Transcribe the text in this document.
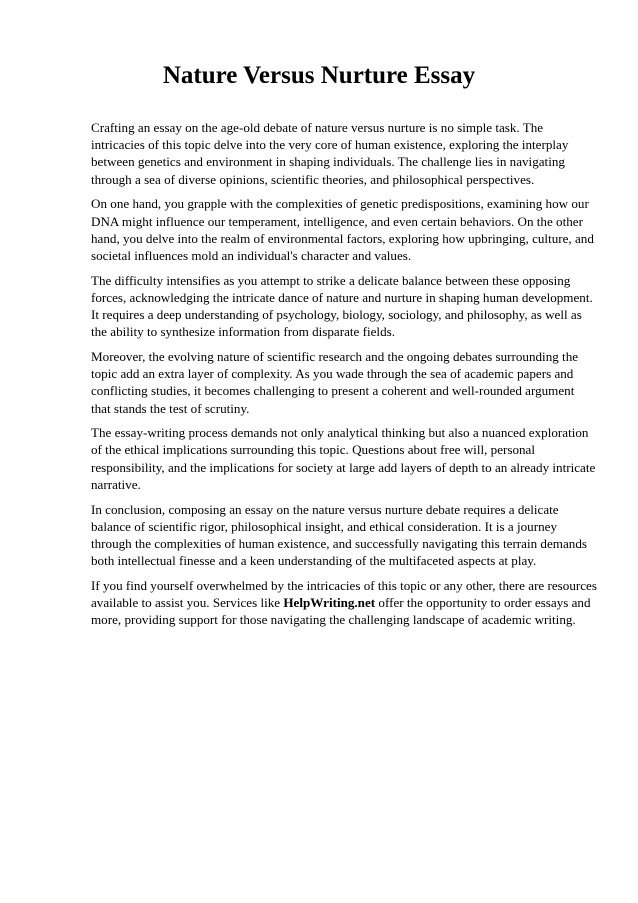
Nature Versus Nurture Essay

Crafting an essay on the age-old debate of nature versus nurture is no simple task. The intricacies of this topic delve into the very core of human existence, exploring the interplay between genetics and environment in shaping individuals. The challenge lies in navigating through a sea of diverse opinions, scientific theories, and philosophical perspectives.

On one hand, you grapple with the complexities of genetic predispositions, examining how our DNA might influence our temperament, intelligence, and even certain behaviors. On the other hand, you delve into the realm of environmental factors, exploring how upbringing, culture, and societal influences mold an individual's character and values.

The difficulty intensifies as you attempt to strike a delicate balance between these opposing forces, acknowledging the intricate dance of nature and nurture in shaping human development. It requires a deep understanding of psychology, biology, sociology, and philosophy, as well as the ability to synthesize information from disparate fields.

Moreover, the evolving nature of scientific research and the ongoing debates surrounding the topic add an extra layer of complexity. As you wade through the sea of academic papers and conflicting studies, it becomes challenging to present a coherent and well-rounded argument that stands the test of scrutiny.

The essay-writing process demands not only analytical thinking but also a nuanced exploration of the ethical implications surrounding this topic. Questions about free will, personal responsibility, and the implications for society at large add layers of depth to an already intricate narrative.

In conclusion, composing an essay on the nature versus nurture debate requires a delicate balance of scientific rigor, philosophical insight, and ethical consideration. It is a journey through the complexities of human existence, and successfully navigating this terrain demands both intellectual finesse and a keen understanding of the multifaceted aspects at play.

If you find yourself overwhelmed by the intricacies of this topic or any other, there are resources available to assist you. Services like HelpWriting.net offer the opportunity to order essays and more, providing support for those navigating the challenging landscape of academic writing.
